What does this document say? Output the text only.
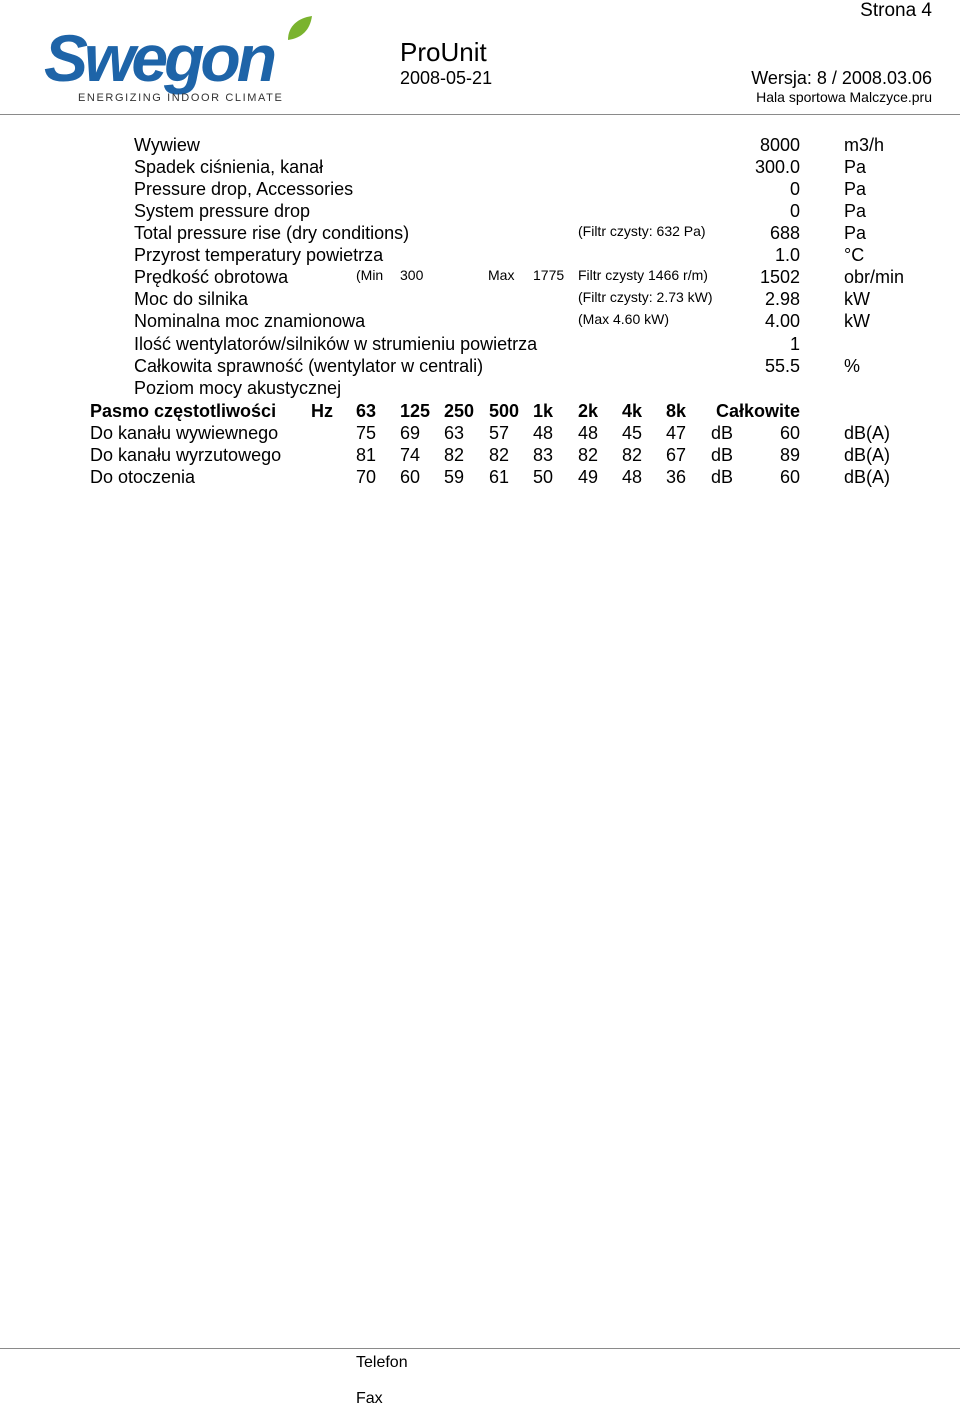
Strona 4
Swegon
ENERGIZING INDOOR CLIMATE
ProUnit
2008-05-21	Wersja: 8 / 2008.03.06
Hala sportowa Malczyce.pru
Wywiew	8000 m3/h
Spadek ciśnienia, kanał	300.0 Pa
Pressure drop, Accessories	0 Pa
System pressure drop	0 Pa
Total pressure rise (dry conditions)	(Filtr czysty: 632 Pa)	688 Pa
Przyrost temperatury powietrza	1.0 °C
Prędkość obrotowa	(Min 300	Max 1775 Filtr czysty 1466 r/m)	1502 obr/min
Moc do silnika	(Filtr czysty: 2.73 kW)	2.98 kW
Nominalna moc znamionowa	(Max 4.60 kW)	4.00 kW
Ilość wentylatorów/silników w strumieniu powietrza	1
Całkowita sprawność (wentylator w centrali)	55.5 %
Poziom mocy akustycznej
Pasmo częstotliwości Hz 63 125 250 500 1k 2k 4k 8k Całkowite
Do kanału wywiewnego	75 69 63 57 48 48 45 47 dB	60 dB(A)
Do kanału wyrzutowego	81 74 82 82 83 82 82 67 dB	89 dB(A)
Do otoczenia	70 60 59 61 50 49 48 36 dB	60 dB(A)
Telefon
Fax
